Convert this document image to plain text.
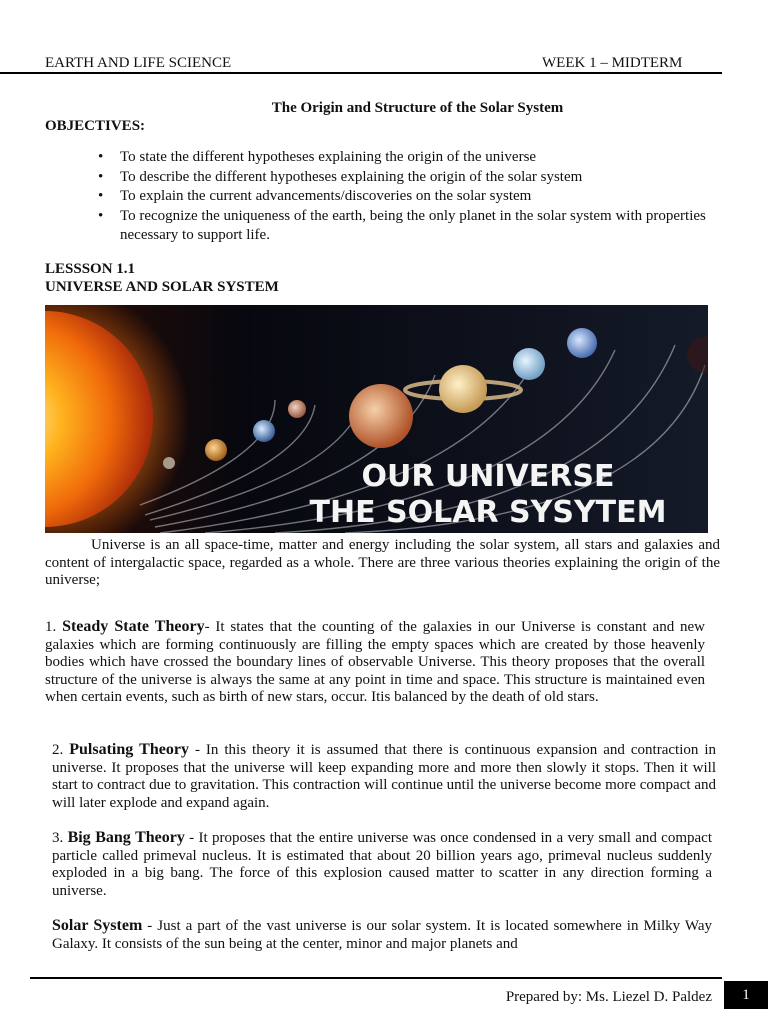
EARTH AND LIFE SCIENCE	WEEK 1 – MIDTERM
The Origin and Structure of the Solar System
OBJECTIVES:
• To state the different hypotheses explaining the origin of the universe
• To describe the different hypotheses explaining the origin of the solar system
• To explain the current advancements/discoveries on the solar system
• To recognize the uniqueness of the earth, being the only planet in the solar system with properties necessary to support life.
LESSSON 1.1
UNIVERSE AND SOLAR SYSTEM
OUR UNIVERSE
THE SOLAR SYSYTEM
Universe is an all space-time, matter and energy including the solar system, all stars and galaxies and content of intergalactic space, regarded as a whole. There are three various theories explaining the origin of the universe;
1. Steady State Theory- It states that the counting of the galaxies in our Universe is constant and new galaxies which are forming continuously are filling the empty spaces which are created by those heavenly bodies which have crossed the boundary lines of observable Universe. This theory proposes that the overall structure of the universe is always the same at any point in time and space. This structure is maintained even when certain events, such as birth of new stars, occur. Itis balanced by the death of old stars.
2. Pulsating Theory - In this theory it is assumed that there is continuous expansion and contraction in universe. It proposes that the universe will keep expanding more and more then slowly it stops. Then it will start to contract due to gravitation. This contraction will continue until the universe become more compact and will later explode and expand again.
3. Big Bang Theory - It proposes that the entire universe was once condensed in a very small and compact particle called primeval nucleus. It is estimated that about 20 billion years ago, primeval nucleus suddenly exploded in a big bang. The force of this explosion caused matter to scatter in any direction forming a universe.
Solar System - Just a part of the vast universe is our solar system. It is located somewhere in Milky Way Galaxy. It consists of the sun being at the center, minor and major planets and
Prepared by: Ms. Liezel D. Paldez	1
